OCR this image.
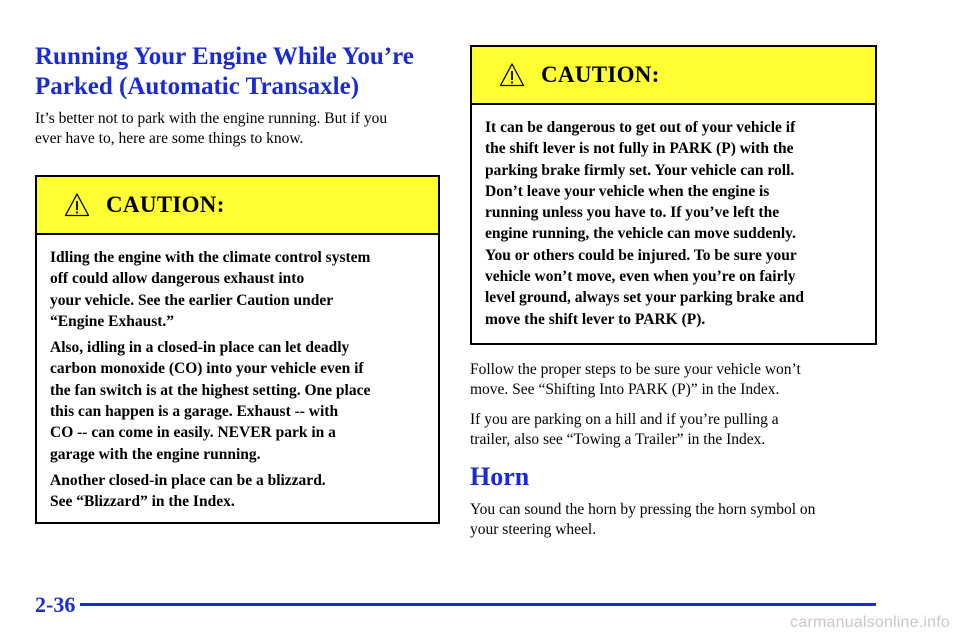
Running Your Engine While You’re
Parked (Automatic Transaxle)

It’s better not to park with the engine running. But if you
ever have to, here are some things to know.

CAUTION:

Idling the engine with the climate control system
off could allow dangerous exhaust into
your vehicle. See the earlier Caution under
“Engine Exhaust.”

Also, idling in a closed‑in place can let deadly
carbon monoxide (CO) into your vehicle even if
the fan switch is at the highest setting. One place
this can happen is a garage. Exhaust ‑‑ with
CO ‑‑ can come in easily. NEVER park in a
garage with the engine running.

Another closed‑in place can be a blizzard.
See “Blizzard” in the Index.

CAUTION:

It can be dangerous to get out of your vehicle if
the shift lever is not fully in PARK (P) with the
parking brake firmly set. Your vehicle can roll.
Don’t leave your vehicle when the engine is
running unless you have to. If you’ve left the
engine running, the vehicle can move suddenly.
You or others could be injured. To be sure your
vehicle won’t move, even when you’re on fairly
level ground, always set your parking brake and
move the shift lever to PARK (P).

Follow the proper steps to be sure your vehicle won’t
move. See “Shifting Into PARK (P)” in the Index.

If you are parking on a hill and if you’re pulling a
trailer, also see “Towing a Trailer” in the Index.

Horn

You can sound the horn by pressing the horn symbol on
your steering wheel.

2-36
carmanualsonline.info
